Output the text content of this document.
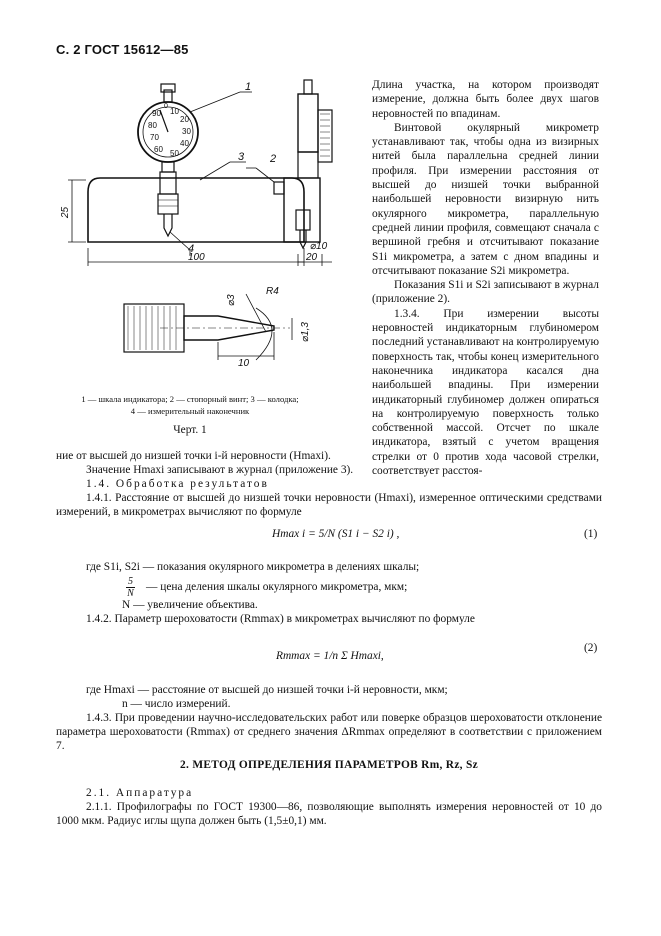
С. 2 ГОСТ 15612—85
80
70
60 50
40
30
20
10
0
90
1
3 2
4
25
100	20
⌀10
⌀3
R4
10
⌀1,3

Длина участка, на котором производят измерение, должна быть более двух шагов неровностей по впадинам.

Винтовой окулярный микрометр устанавливают так, чтобы одна из визирных нитей была параллельна средней линии профиля. При измерении расстояния от высшей до низшей точки выбранной наибольшей неровности визирную нить окулярного микрометра, параллельную средней линии профиля, совмещают сначала с вершиной гребня и отсчитывают показание S1i микрометра, а затем с дном впадины и отсчитывают показание S2i микрометра.

Показания S1i и S2i записывают в журнал (приложение 2).

1.3.4. При измерении высоты неровностей индикаторным глубиномером последний устанавливают на контролируемую поверхность так, чтобы конец измерительного наконечника индикатора касался дна наибольшей впадины. При измерении индикаторный глубиномер должен опираться на контролируемую поверхность только собственной массой. Отсчет по шкале индикатора, взятый с учетом вращения стрелки от 0 против хода часовой стрелки, соответствует расстоя-

1 — шкала индикатора; 2 — стопорный винт; 3 — колодка;
4 — измерительный наконечник
Черт. 1
ние от высшей до низшей точки i-й неровности (Hmaxi).
Значение Hmaxi записывают в журнал (приложение 3).
1.4. Обработка результатов

1.4.1. Расстояние от высшей до низшей точки неровности (Hmaxi), измеренное оптическими средствами измерений, в микрометрах вычисляют по формуле

Hmax i = 5/N (S1 i − S2 i) ,	(1)
где S1i, S2i — показания окулярного микрометра в делениях шкалы;
$\frac{5}{N}$ — цена деления шкалы окулярного микрометра, мкм;
N — увеличение объектива.

1.4.2. Параметр шероховатости (Rmmax) в микрометрах вычисляют по формуле

Rmmax = 1/n Σ Hmaxi,
(2)
где Hmaxi — расстояние от высшей до низшей точки i-й неровности, мкм;
n — число измерений.

1.4.3. При проведении научно-исследовательских работ или поверке образцов шероховатости отклонение параметра шероховатости (Rmmax) от среднего значения ΔRmmax определяют в соответствии с приложением 7.

2. МЕТОД ОПРЕДЕЛЕНИЯ ПАРАМЕТРОВ Rm, Rz, Sz
2.1. Аппаратура

2.1.1. Профилографы по ГОСТ 19300—86, позволяющие выполнять измерения неровностей от 10 до 1000 мкм. Радиус иглы щупа должен быть (1,5±0,1) мм.
